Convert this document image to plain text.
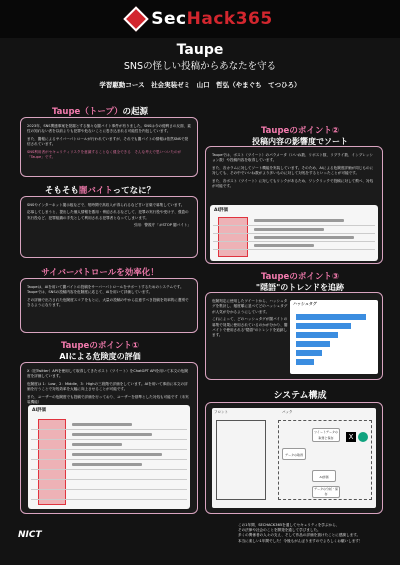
SecHack365
Taupe
SNSの怪しい投稿からあなたを守る
学習駆動コース　社会実装ゼミ　山口　哲弘（やまぐち　てつひろ）
Taupe（トープ）の起源

2023年、SNS関連事案を発端とする様々な闇バイト事件が有りました。SNSは今の便利さの反面、素性の知れない者を以前よりも犯罪や危ないことに巻き込まれる可能性を内包しています。

また、闇報によるサイバーパトロールが行われていますが、それでも闇バイトの情報は依然SNSで発信されています。

SNS利用者がセキュリティリスクを意識することなく健全できる　そんな考えで思いついたのが「Taupe」です。

そもそも闇バイトってなに？

SNSやインターネット掲示板などで、短時間で高収入が得られるなど甘い言葉で募集しています。

応募してしまうと、提出した個人情報を悪用・脅迫されるなどして、犯罪の実行役や受け子、強盗の実行役など、犯罪組織の手先として利用される犯罪者となってしまいます。

引用：警視庁「＃STOP 闇バイト」

サイバーパトロールを効率化！

Taupeは、AIを用いて闇バイトの投稿をサーバーパトロールをサポートするためのシステムです。Taupeでは、SNSの投稿内容を危険度に応じて、AIを用いて評価しています。

その評価で出力された危険度スコアをもとに、大量の投稿の中から注意すべき投稿を効率的に選別できるようになります。

Taupeのポイント①
AIによる危険度の評価

X（旧Twitter）APIを使用して取得してきたポスト（ツイート）をChatGPT APIを用いて本文の危険度を評価しています。

危険度は 1：Low、2：Middle、3：Highの三段階で評価をしています。AIを用いて事前に本文の評価を行うことで対処効率を大幅に向上させることが可能です。

また、ユーザーの危険度でも投稿で評価を行っており、ユーザーを基準とした対処も可能です（未実装機能）

AI評価
Taupeのポイント②
投稿内容の影響度でソート

Taupeでは、ポスト（ツイート）のパラメータ（いいね数、リポスト数、リプライ数、インプレッション数）や投稿内容を取得しています。

また、各カラムに対してソート機能を実装しています。そのため、AIによる危険度評価が同じものに対しても、その中でいいね数がより多いものに対して対処をするといったことが可能です。

また、各ポスト（ツイート）に対してもリンクがあるため、ワンクリックで投稿に対して飛べ、対処が可能です。

AI評価
Taupeのポイント③
"隠語"のトレンドを追跡

危険判定に使用したツイートから、ハッシュタグを集計し、頻度順に並べてどのハッシュタグが人気が分かるようにしています。

これによって、どのハッシュタグが闇バイトの募集で効果に使用されているのかが分かり、闇バイトで使用される"隠語"のトレンドを追跡します。

ハッシュタグ
システム構成
フロント	バック
データの取得
AI評価
ツイートデータの取得と保存
データの分析・保存
X
NICT
この1年間、SECHACK365を通してセキュリティを学ぶから、
その法律や社会のことを開発を通して学びました。
多くの関係者の人々の支え、そして作品の評価を頂けたことに感謝します。
本当に楽しい1年間でした！今後もがんばりますのでよろしくお願いします！
